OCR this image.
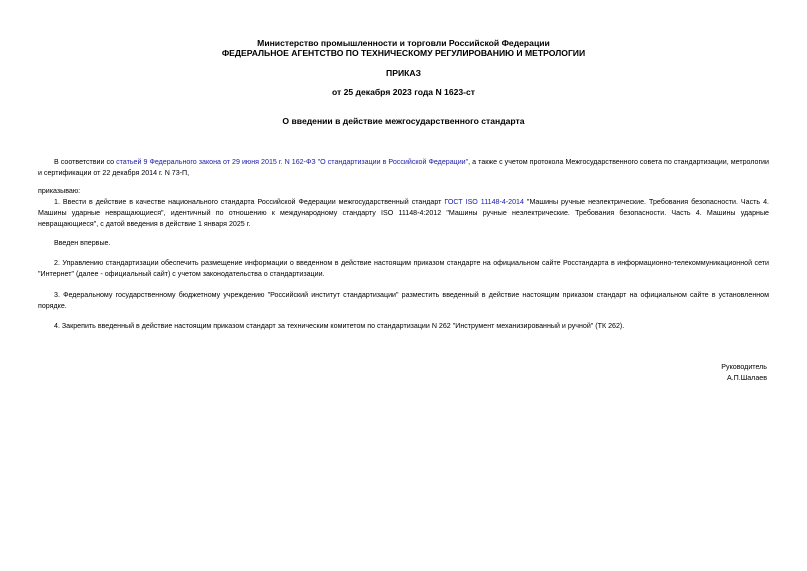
Министерство промышленности и торговли Российской Федерации
ФЕДЕРАЛЬНОЕ АГЕНТСТВО ПО ТЕХНИЧЕСКОМУ РЕГУЛИРОВАНИЮ И МЕТРОЛОГИИ
ПРИКАЗ
от 25 декабря 2023 года N 1623-ст
О введении в действие межгосударственного стандарта
В соответствии со статьей 9 Федерального закона от 29 июня 2015 г. N 162-ФЗ "О стандартизации в Российской Федерации", а также с учетом протокола Межгосударственного совета по стандартизации, метрологии и сертификации от 22 декабря 2014 г. N 73-П,
приказываю:
1. Ввести в действие в качестве национального стандарта Российской Федерации межгосударственный стандарт ГОСТ ISO 11148-4-2014 "Машины ручные неэлектрические. Требования безопасности. Часть 4. Машины ударные невращающиеся", идентичный по отношению к международному стандарту ISO 11148-4:2012 "Машины ручные неэлектрические. Требования безопасности. Часть 4. Машины ударные невращающиеся", с датой введения в действие 1 января 2025 г.
Введен впервые.
2. Управлению стандартизации обеспечить размещение информации о введенном в действие настоящим приказом стандарте на официальном сайте Росстандарта в информационно-телекоммуникационной сети "Интернет" (далее - официальный сайт) с учетом законодательства о стандартизации.
3. Федеральному государственному бюджетному учреждению "Российский институт стандартизации" разместить введенный в действие настоящим приказом стандарт на официальном сайте в установленном порядке.
4. Закрепить введенный в действие настоящим приказом стандарт за техническим комитетом по стандартизации N 262 "Инструмент механизированный и ручной" (ТК 262).
Руководитель
А.П.Шалаев
